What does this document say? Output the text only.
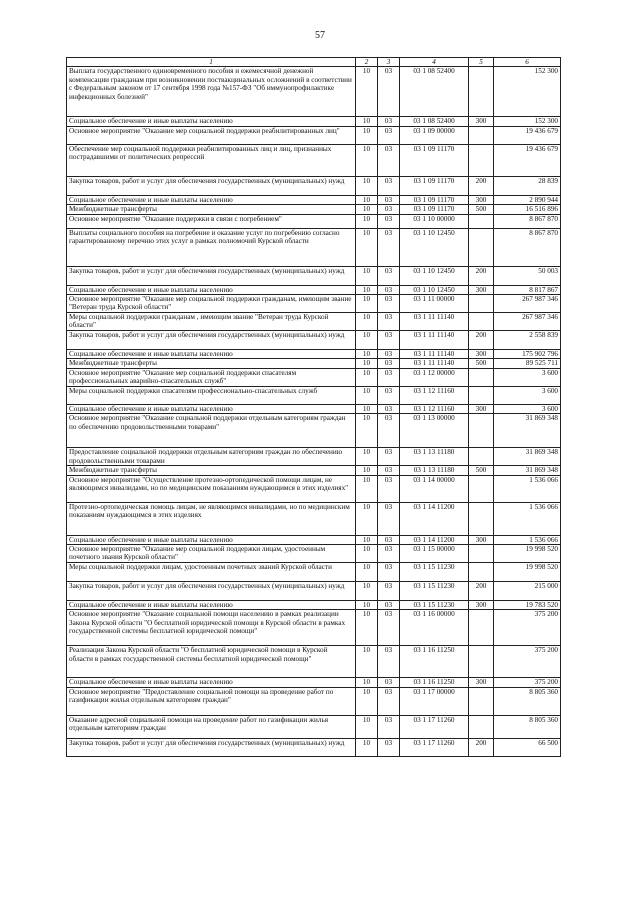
57
1	2	3	4	5	6
Выплата государственного единовременного пособия и ежемесячной денежной компенсации гражданам при возникновении поствакцинальных осложнений в соответствии с Федеральным законом от 17 сентября 1998 года №157-ФЗ "Об иммунопрофилактике инфекционных болезней"	10	03	03 1 08 52400		152 300
Социальное обеспечение и иные выплаты населению	10	03	03 1 08 52400	300	152 300
Основное мероприятие "Оказание мер социальной поддержки реабилитированных лиц"	10	03	03 1 09 00000		19 436 679
Обеспечение мер социальной поддержки реабилитированных лиц и лиц, признанных пострадавшими от политических репрессий	10	03	03 1 09 11170		19 436 679
Закупка товаров, работ и услуг для обеспечения государственных (муниципальных) нужд	10	03	03 1 09 11170	200	28 839
Социальное обеспечение и иные выплаты населению	10	03	03 1 09 11170	300	2 890 944
Межбюджетные трансферты	10	03	03 1 09 11170	500	16 516 896
Основное мероприятие "Оказание поддержки в связи с погребением"	10	03	03 1 10 00000		8 867 870
Выплаты социального пособия на погребение и оказание услуг по погребению согласно гарантированному перечню этих услуг в рамках полномочий Курской области	10	03	03 1 10 12450		8 867 870
Закупка товаров, работ и услуг для обеспечения государственных (муниципальных) нужд	10	03	03 1 10 12450	200	50 003
Социальное обеспечение и иные выплаты населению	10	03	03 1 10 12450	300	8 817 867
Основное мероприятие "Оказание мер социальной поддержки гражданам, имеющим звание "Ветеран труда Курской области"	10	03	03 1 11 00000		267 987 346
Меры социальной поддержки гражданам , имеющим звание "Ветеран труда Курской области"	10	03	03 1 11 11140		267 987 346
Закупка товаров, работ и услуг для обеспечения государственных (муниципальных) нужд	10	03	03 1 11 11140	200	2 558 839
Социальное обеспечение и иные выплаты населению	10	03	03 1 11 11140	300	175 902 796
Межбюджетные трансферты	10	03	03 1 11 11140	500	89 525 711
Основное мероприятие "Оказание мер социальной поддержки спасателям профессиональных аварийно-спасательных служб"	10	03	03 1 12 00000		3 600
Меры социальной поддержки спасателям профессионально-спасательных служб	10	03	03 1 12 11160		3 600
Социальное обеспечение и иные выплаты населению	10	03	03 1 12 11160	300	3 600
Основное мероприятие "Оказание социальной поддержки отдельным категориям граждан по обеспечению продовольственными товарами"	10	03	03 1 13 00000		31 869 348
Предоставление социальной поддержки отдельным категориям граждан по обеспечению продовольственными товарами	10	03	03 1 13 11180		31 869 348
Межбюджетные трансферты	10	03	03 1 13 11180	500	31 869 348
Основное мероприятие "Осуществление протезно-ортопедической помощи лицам, не являющимся инвалидами, но по медицинским показаниям нуждающимся в этих изделиях"	10	03	03 1 14 00000		1 536 066
Протезно-ортопедическая помощь лицам, не являющимся инвалидами, но по медицинским показаниям нуждающимся в этих изделиях	10	03	03 1 14 11200		1 536 066
Социальное обеспечение и иные выплаты населению	10	03	03 1 14 11200	300	1 536 066
Основное мероприятие "Оказание мер социальной поддержки лицам, удостоенным почетного звания Курской области"	10	03	03 1 15 00000		19 998 520
Меры социальной поддержки лицам, удостоенным почетных званий Курской области	10	03	03 1 15 11230		19 998 520
Закупка товаров, работ и услуг для обеспечения государственных (муниципальных) нужд	10	03	03 1 15 11230	200	215 000
Социальное обеспечение и иные выплаты населению	10	03	03 1 15 11230	300	19 783 520
Основное мероприятие "Оказание социальной помощи населению в рамках реализации Закона Курской области "О бесплатной юридической помощи в Курской области в рамках государственной системы бесплатной юридической помощи"	10	03	03 1 16 00000		375 200
Реализация Закона Курской области "О бесплатной юридической помощи в Курской области в рамках государственной системы бесплатной юридической помощи"	10	03	03 1 16 11250		375 200
Социальное обеспечение и иные выплаты населению	10	03	03 1 16 11250	300	375 200
Основное мероприятие "Предоставление социальной помощи на проведение работ по газификации жилья отдельным категориям граждан"	10	03	03 1 17 00000		8 805 360
Оказание адресной социальной помощи на проведение работ по газификации жилья отдельным категориям граждан	10	03	03 1 17 11260		8 805 360
Закупка товаров, работ и услуг для обеспечения государственных (муниципальных) нужд	10	03	03 1 17 11260	200	66 500
